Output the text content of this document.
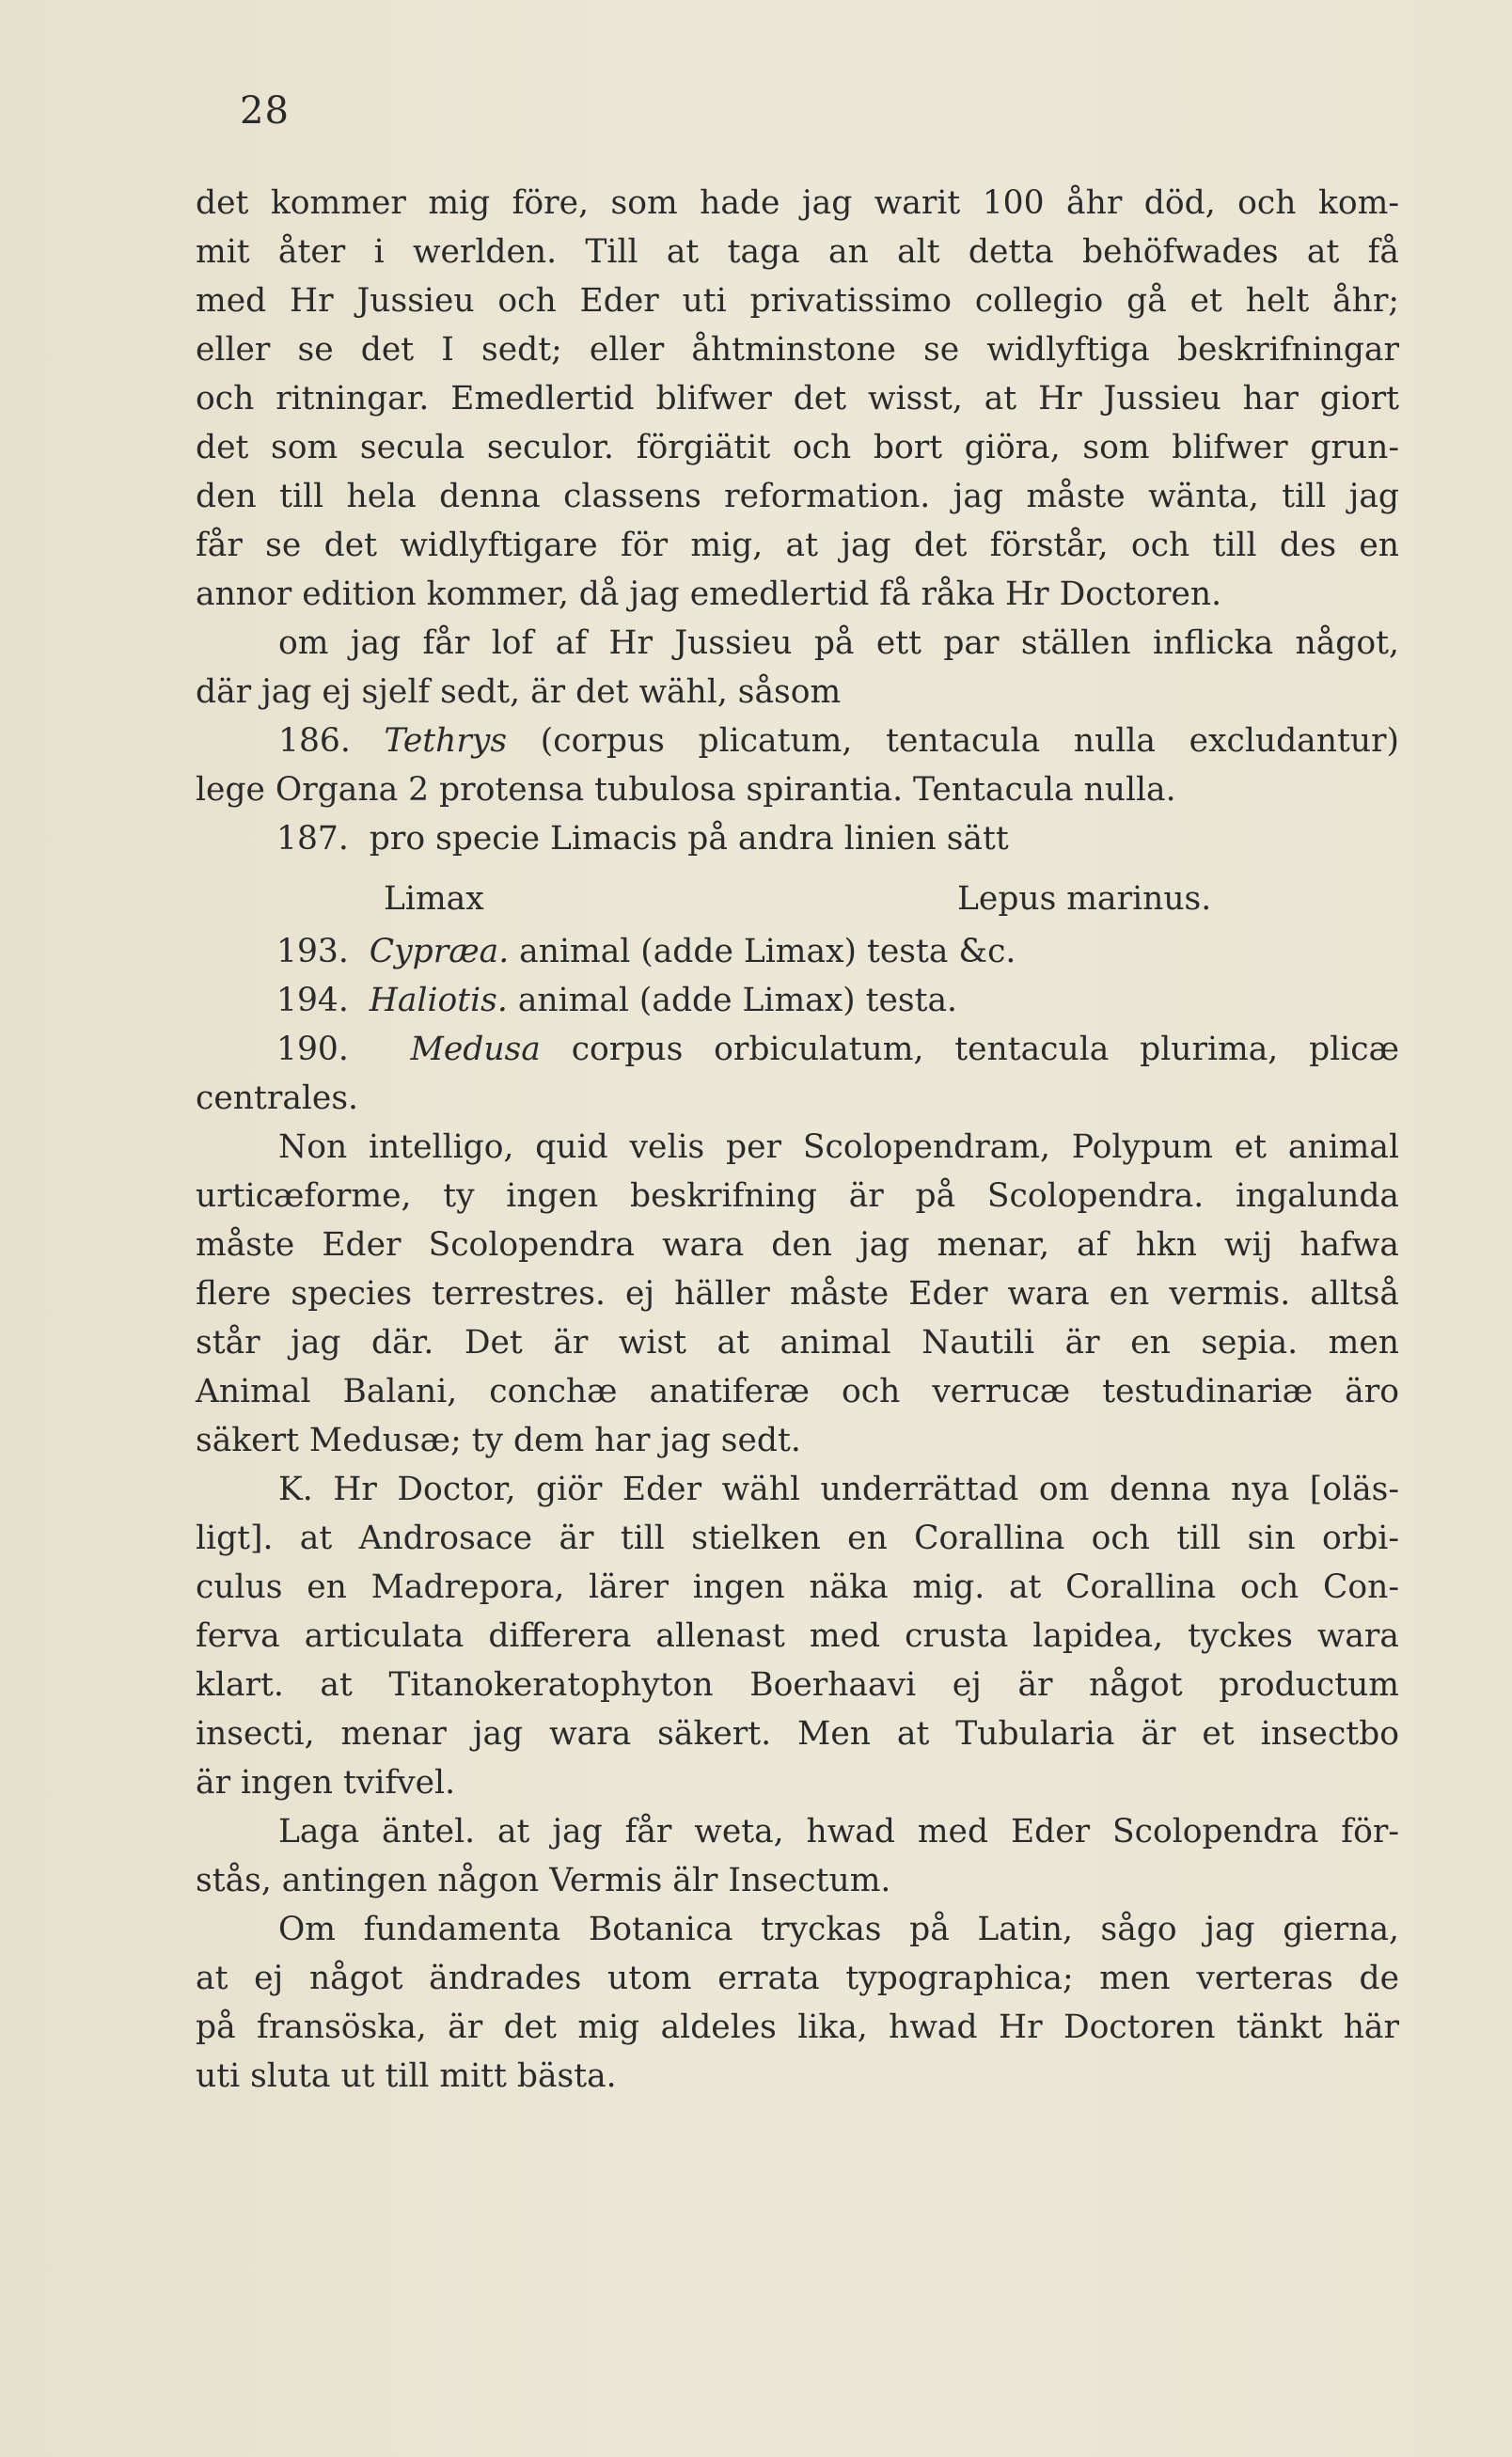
28
det kommer mig före, som hade jag warit 100 åhr död, och kom-
mit åter i werlden. Till at taga an alt detta behöfwades at få
med Hr Jussieu och Eder uti privatissimo collegio gå et helt åhr;
eller se det I sedt; eller åhtminstone se widlyftiga beskrifningar
och ritningar. Emedlertid blifwer det wisst, at Hr Jussieu har giort
det som secula seculor. förgiätit och bort giöra, som blifwer grun-
den till hela denna classens reformation. jag måste wänta, till jag
får se det widlyftigare för mig, at jag det förstår, och till des en
annor edition kommer, då jag emedlertid få råka Hr Doctoren.
om jag får lof af Hr Jussieu på ett par ställen inflicka något,
där jag ej sjelf sedt, är det wähl, såsom
186. Tethrys (corpus plicatum, tentacula nulla excludantur)
lege Organa 2 protensa tubulosa spirantia. Tentacula nulla.
187. pro specie Limacis på andra linien sätt
Limax	Lepus marinus.
193. Cypræa. animal (adde Limax) testa &c.
194. Haliotis. animal (adde Limax) testa.
190. Medusa corpus orbiculatum, tentacula plurima, plicæ
centrales.
Non intelligo, quid velis per Scolopendram, Polypum et animal
urticæforme, ty ingen beskrifning är på Scolopendra. ingalunda
måste Eder Scolopendra wara den jag menar, af hkn wij hafwa
flere species terrestres. ej häller måste Eder wara en vermis. alltså
står jag där. Det är wist at animal Nautili är en sepia. men
Animal Balani, conchæ anatiferæ och verrucæ testudinariæ äro
säkert Medusæ; ty dem har jag sedt.
K. Hr Doctor, giör Eder wähl underrättad om denna nya [oläs-
ligt]. at Androsace är till stielken en Corallina och till sin orbi-
culus en Madrepora, lärer ingen näka mig. at Corallina och Con-
ferva articulata differera allenast med crusta lapidea, tyckes wara
klart. at Titanokeratophyton Boerhaavi ej är något productum
insecti, menar jag wara säkert. Men at Tubularia är et insectbo
är ingen tvifvel.
Laga äntel. at jag får weta, hwad med Eder Scolopendra för-
stås, antingen någon Vermis älr Insectum.
Om fundamenta Botanica tryckas på Latin, sågo jag gierna,
at ej något ändrades utom errata typographica; men verteras de
på fransöska, är det mig aldeles lika, hwad Hr Doctoren tänkt här
uti sluta ut till mitt bästa.
